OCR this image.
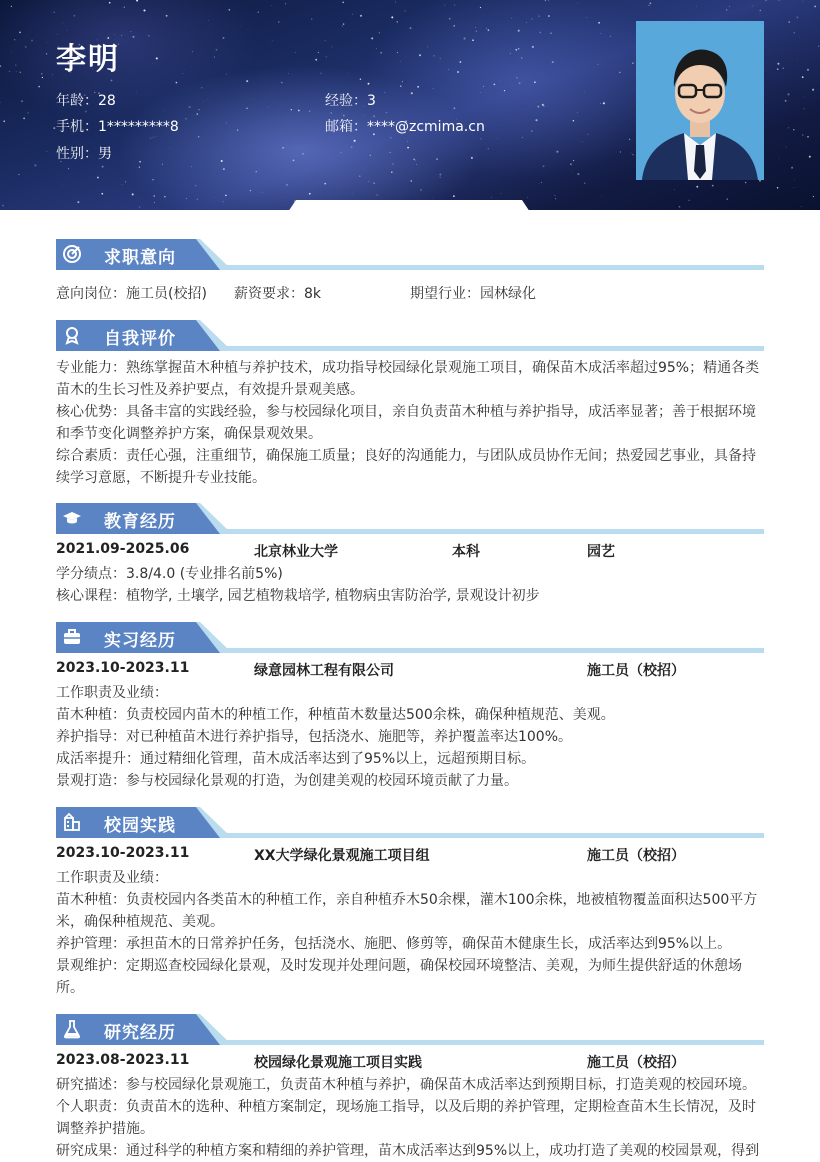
李明
年龄：28	经验：3
手机：1*********8	邮箱：****@zcmima.cn
性别：男
求职意向
意向岗位：施工员(校招) 薪资要求：8k	期望行业：园林绿化
自我评价
专业能力：熟练掌握苗木种植与养护技术，成功指导校园绿化景观施工项目，确保苗木成活率超过95%；精通各类
苗木的生长习性及养护要点，有效提升景观美感。
核心优势：具备丰富的实践经验，参与校园绿化项目，亲自负责苗木种植与养护指导，成活率显著；善于根据环境
和季节变化调整养护方案，确保景观效果。
综合素质：责任心强，注重细节，确保施工质量；良好的沟通能力，与团队成员协作无间；热爱园艺事业，具备持
续学习意愿，不断提升专业技能。
教育经历
2021.09-2025.06	北京林业大学	本科	园艺
学分绩点：3.8/4.0 (专业排名前5%)
核心课程：植物学, 土壤学, 园艺植物栽培学, 植物病虫害防治学, 景观设计初步
实习经历
2023.10-2023.11	绿意园林工程有限公司	施工员（校招）
工作职责及业绩：
苗木种植：负责校园内苗木的种植工作，种植苗木数量达500余株，确保种植规范、美观。
养护指导：对已种植苗木进行养护指导，包括浇水、施肥等，养护覆盖率达100%。
成活率提升：通过精细化管理，苗木成活率达到了95%以上，远超预期目标。
景观打造：参与校园绿化景观的打造，为创建美观的校园环境贡献了力量。
校园实践
2023.10-2023.11	XX大学绿化景观施工项目组	施工员（校招）
工作职责及业绩：
苗木种植：负责校园内各类苗木的种植工作，亲自种植乔木50余棵，灌木100余株，地被植物覆盖面积达500平方
米，确保种植规范、美观。
养护管理：承担苗木的日常养护任务，包括浇水、施肥、修剪等，确保苗木健康生长，成活率达到95%以上。
景观维护：定期巡查校园绿化景观，及时发现并处理问题，确保校园环境整洁、美观，为师生提供舒适的休憩场
所。
研究经历
2023.08-2023.11	校园绿化景观施工项目实践	施工员（校招）
研究描述：参与校园绿化景观施工，负责苗木种植与养护，确保苗木成活率达到预期目标，打造美观的校园环境。
个人职责：负责苗木的选种、种植方案制定，现场施工指导，以及后期的养护管理，定期检查苗木生长情况，及时
调整养护措施。
研究成果：通过科学的种植方案和精细的养护管理，苗木成活率达到95%以上，成功打造了美观的校园景观，得到
